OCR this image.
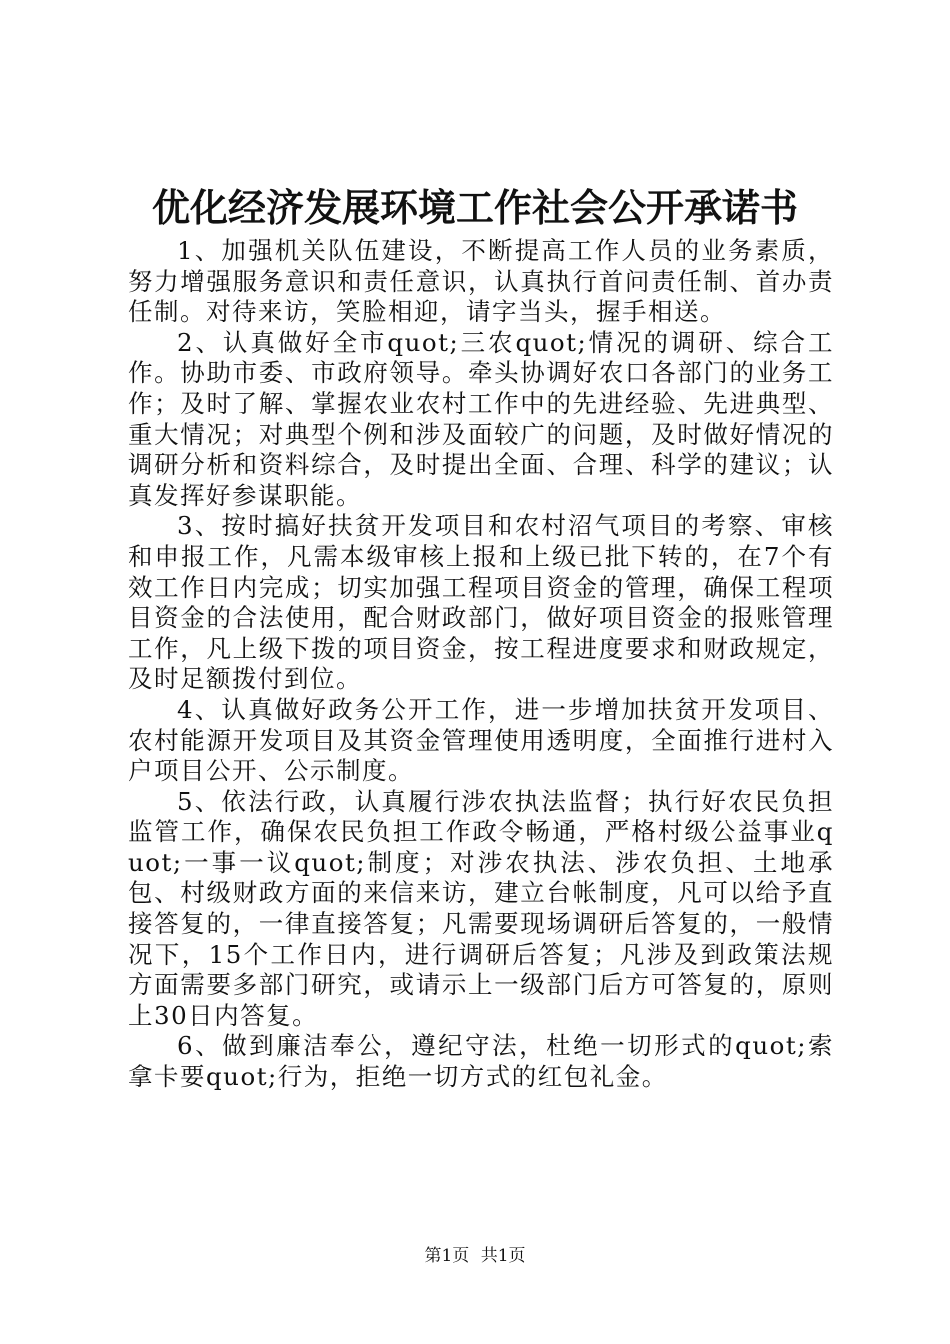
优化经济发展环境工作社会公开承诺书

1、加强机关队伍建设，不断提高工作人员的业务素质，努力增强服务意识和责任意识，认真执行首问责任制、首办责任制。对待来访，笑脸相迎，请字当头，握手相送。

2、认真做好全市quot;三农quot;情况的调研、综合工作。协助市委、市政府领导。牵头协调好农口各部门的业务工作；及时了解、掌握农业农村工作中的先进经验、先进典型、重大情况；对典型个例和涉及面较广的问题，及时做好情况的调研分析和资料综合，及时提出全面、合理、科学的建议；认真发挥好参谋职能。

3、按时搞好扶贫开发项目和农村沼气项目的考察、审核和申报工作，凡需本级审核上报和上级已批下转的，在7个有效工作日内完成；切实加强工程项目资金的管理，确保工程项目资金的合法使用，配合财政部门，做好项目资金的报账管理工作，凡上级下拨的项目资金，按工程进度要求和财政规定，及时足额拨付到位。

4、认真做好政务公开工作，进一步增加扶贫开发项目、农村能源开发项目及其资金管理使用透明度，全面推行进村入户项目公开、公示制度。

5、依法行政，认真履行涉农执法监督；执行好农民负担监管工作，确保农民负担工作政令畅通，严格村级公益事业quot;一事一议quot;制度；对涉农执法、涉农负担、土地承包、村级财政方面的来信来访，建立台帐制度，凡可以给予直接答复的，一律直接答复；凡需要现场调研后答复的，一般情况下，15个工作日内，进行调研后答复；凡涉及到政策法规方面需要多部门研究，或请示上一级部门后方可答复的，原则上30日内答复。

6、做到廉洁奉公，遵纪守法，杜绝一切形式的quot;索拿卡要quot;行为，拒绝一切方式的红包礼金。

第1页 共1页
